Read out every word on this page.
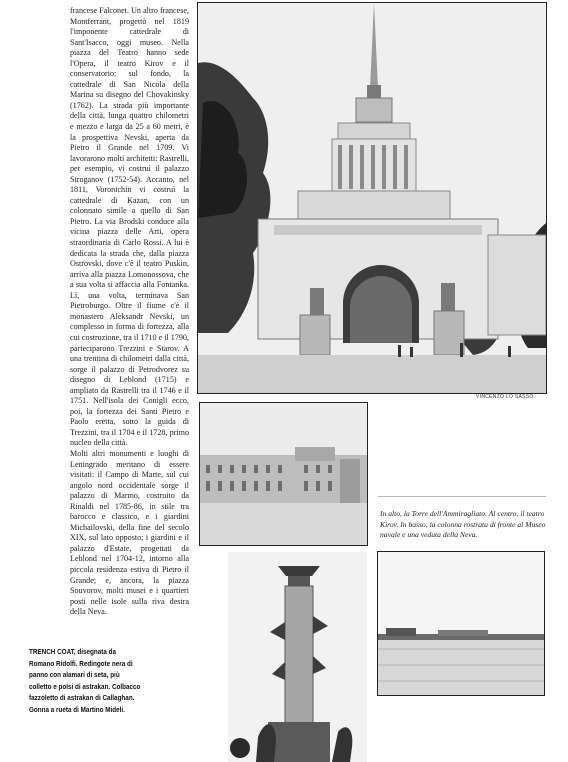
francese Falconet. Un altro francese, Montferrant, progettò nel 1819 l'imponente cattedrale di Sant'Isacco, oggi museo. Nella piazza del Teatro hanno sede l'Opera, il teatro Kirov e il conservatorio; sul fondo, la cattedrale di San Nicola della Marina su disegno del Chovakinsky (1762). La strada più importante della città, lunga quattro chilometri e mezzo e larga da 25 a 60 metri, è la prospettiva Nevski, aperta da Pietro il Grande nel 1709. Vi lavorarono molti architetti: Rastrelli, per esempio, vi costruì il palazzo Stroganov (1752-54). Accanto, nel 1811, Voronichin vi costruì la cattedrale di Kazan, con un colonnato simile a quello di San Pietro. La via Brodski conduce alla vicina piazza delle Arti, opera straordinaria di Carlo Rossi. A lui è dedicata la strada che, dalla piazza Ostrovski, dove c'è il teatro Puskin, arriva alla piazza Lomonossova, che a sua volta si affaccia alla Fontanka. Lì, una volta, terminava San Pietroburgo. Oltre il fiume c'è il monastero Aleksandr Nevski, un complesso in forma di fortezza, alla cui costruzione, tra il 1710 e il 1790, parteciparono Trezzini e Starov. A una trentina di chilometri dalla città, sorge il palazzo di Petrodvorez su disegno di Leblond (1715) e ampliato da Rastrelli tra il 1746 e il 1751. Nell'isola dei Conigli ecco, poi, la fortezza dei Santi Pietro e Paolo eretta, sotto la guida di Trezzini, tra il 1704 e il 1728, primo nucleo della città.

Molti altri monumenti e luoghi di Leningrado meritano di essere visitati: il Campo di Marte, sul cui angolo nord occidentale sorge il palazzo di Marmo, costruito da Rinaldi nel 1785-86, in stile tra barocco e classico, e i giardini Michailovski, della fine del secolo XIX, sul lato opposto; i giardini e il palazzo d'Estate, progettati da Leblond nel 1704-12, intorno alla piccola residenza estiva di Pietro il Grande; e, ancora, la piazza Souvorov, molti musei e i quartieri posti nelle isole sulla riva destra della Neva.

VINCENZO LO SASSO
In alto, la Torre dell'Ammiragliato. Al centro, il teatro Kirov. In basso, la colonna rostrata di fronte al Museo navale e una veduta della Neva.
TRENCH COAT, disegnata da Romano Ridolfi. Redingote nera di panno con alamari di seta, più colletto e polsi di astrakan. Colbacco fazzoletto di astrakan di Callaghan. Gonna a rueta di Martino Mideli.
